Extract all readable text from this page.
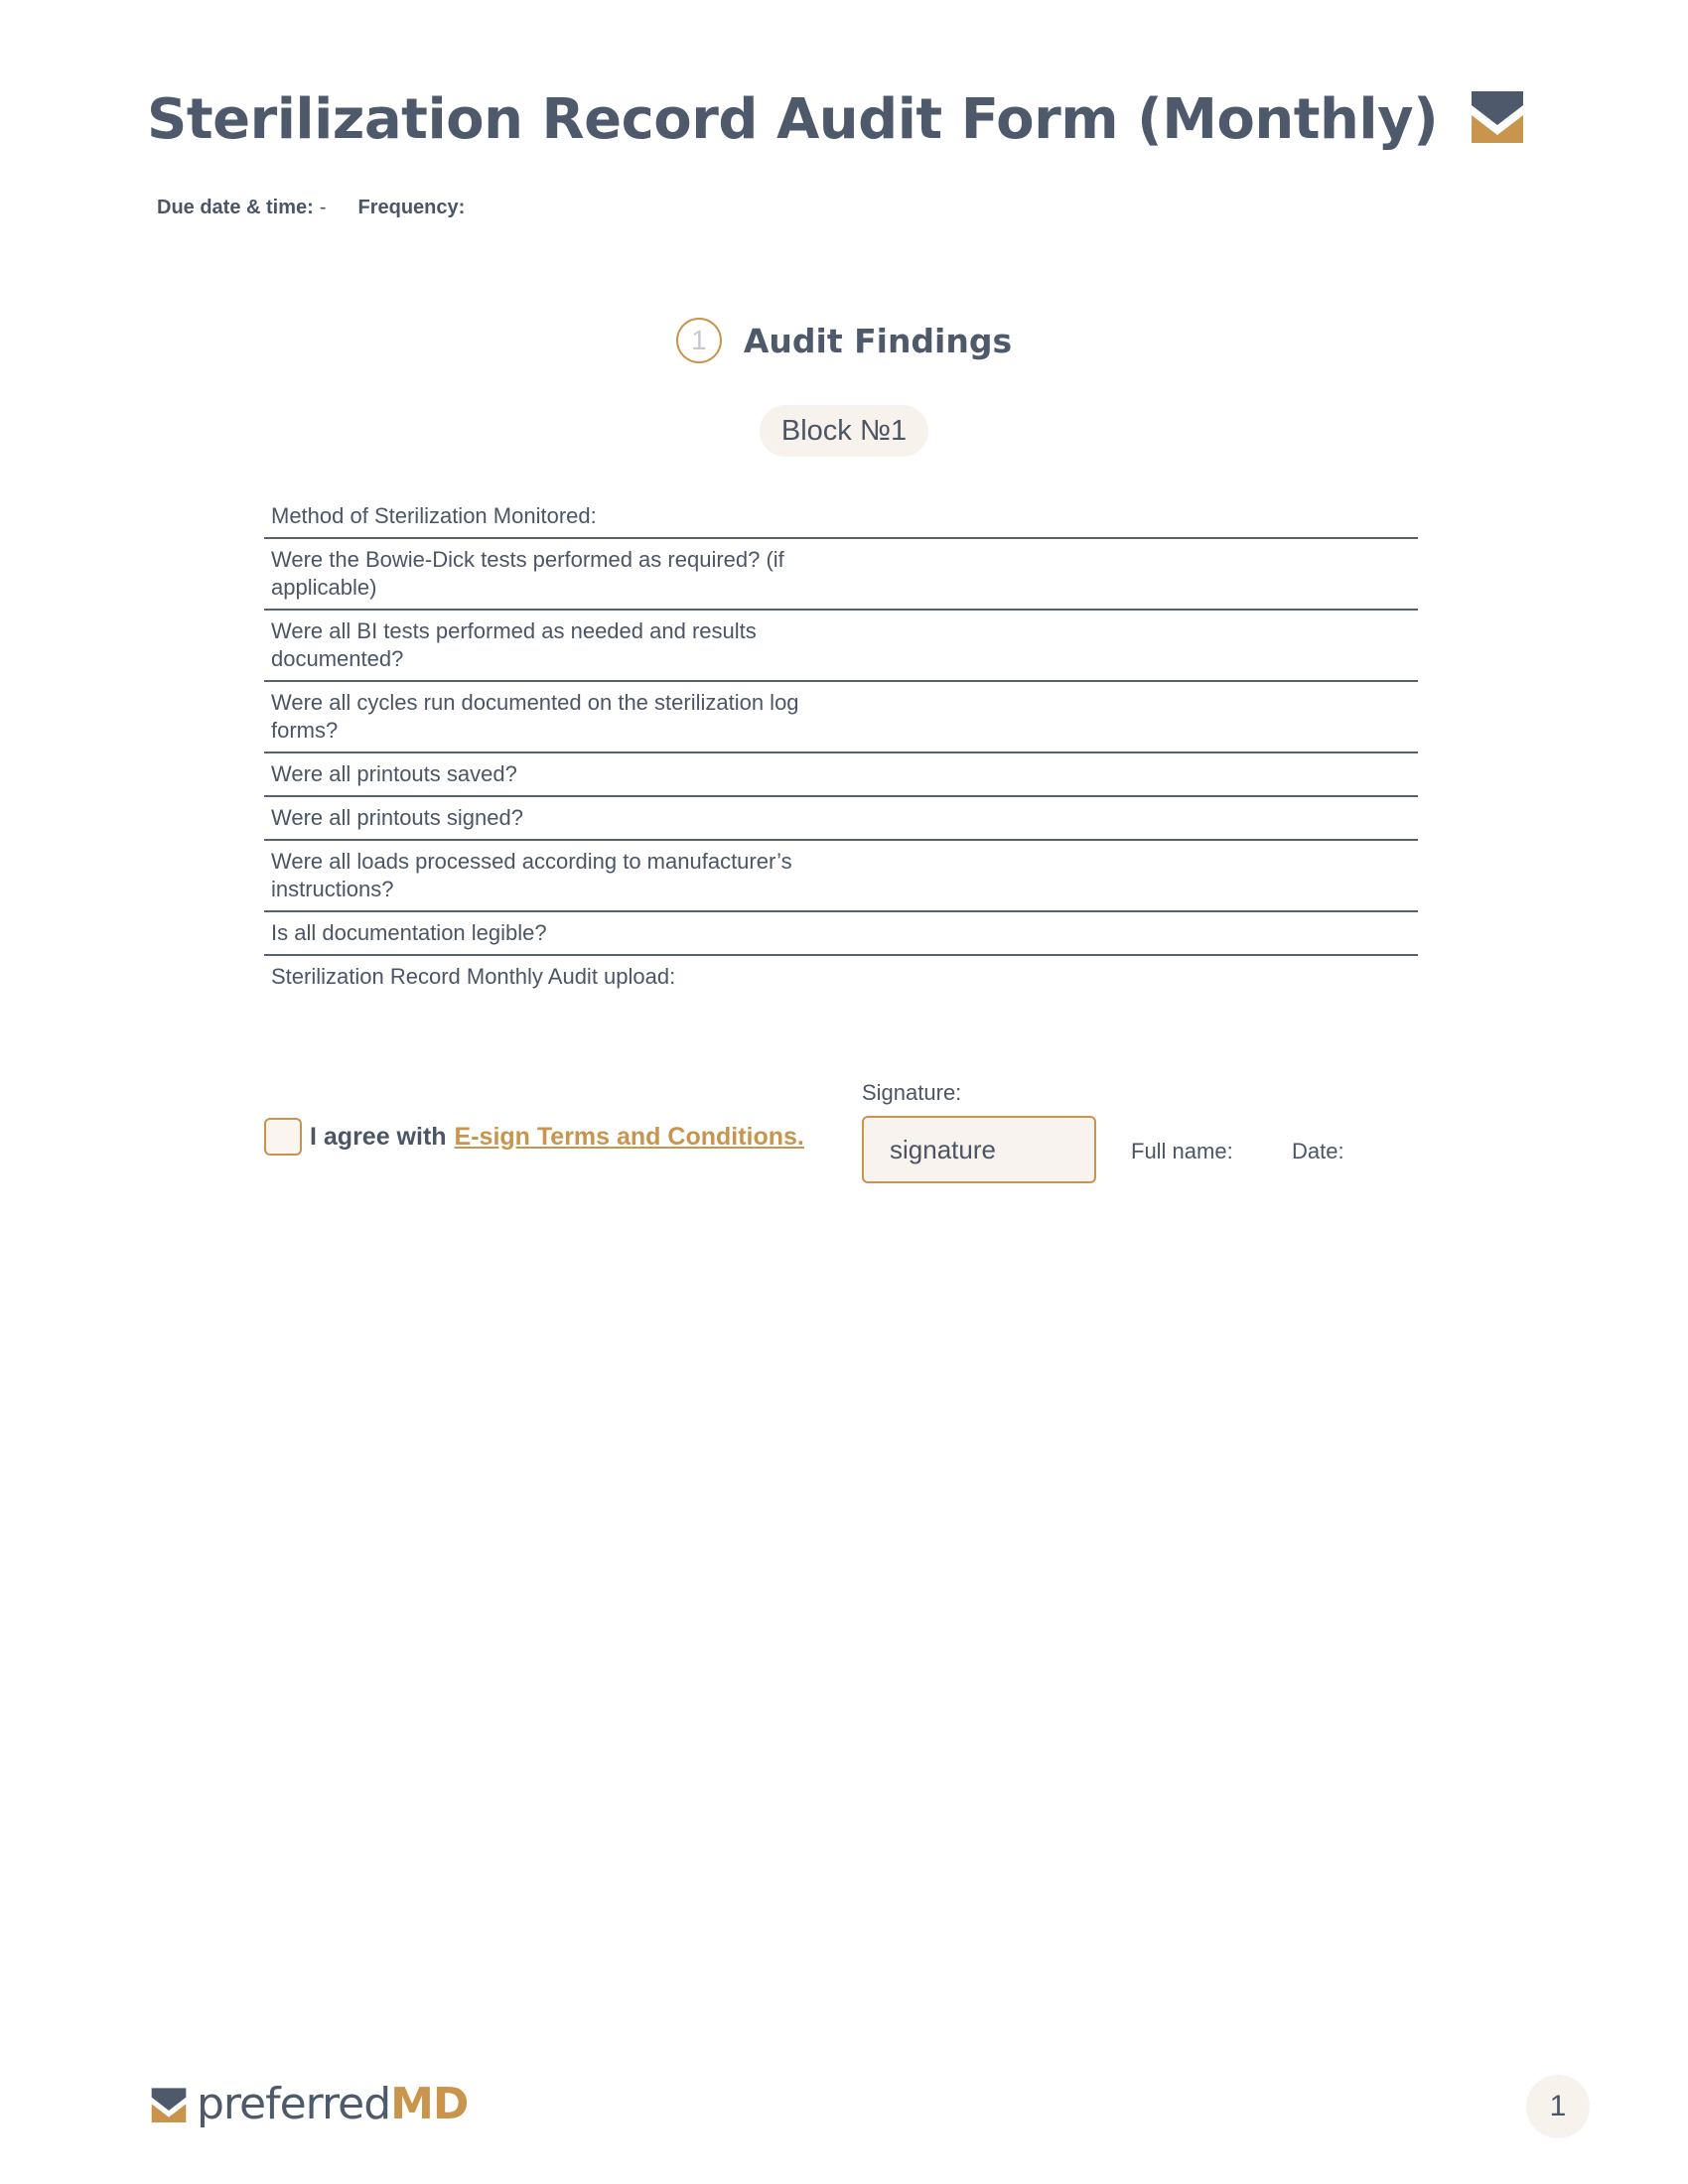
Sterilization Record Audit Form (Monthly)
Due date & time: - Frequency:
1	Audit Findings
Block №1
Method of Sterilization Monitored:
Were the Bowie-Dick tests performed as required? (if applicable)
Were all BI tests performed as needed and results documented?
Were all cycles run documented on the sterilization log forms?
Were all printouts saved?
Were all printouts signed?
Were all loads processed according to manufacturer’s instructions?
Is all documentation legible?
Sterilization Record Monthly Audit upload:
I agree with E-sign Terms and Conditions.
Signature:
signature	Full name:	Date:
preferredMD	1
